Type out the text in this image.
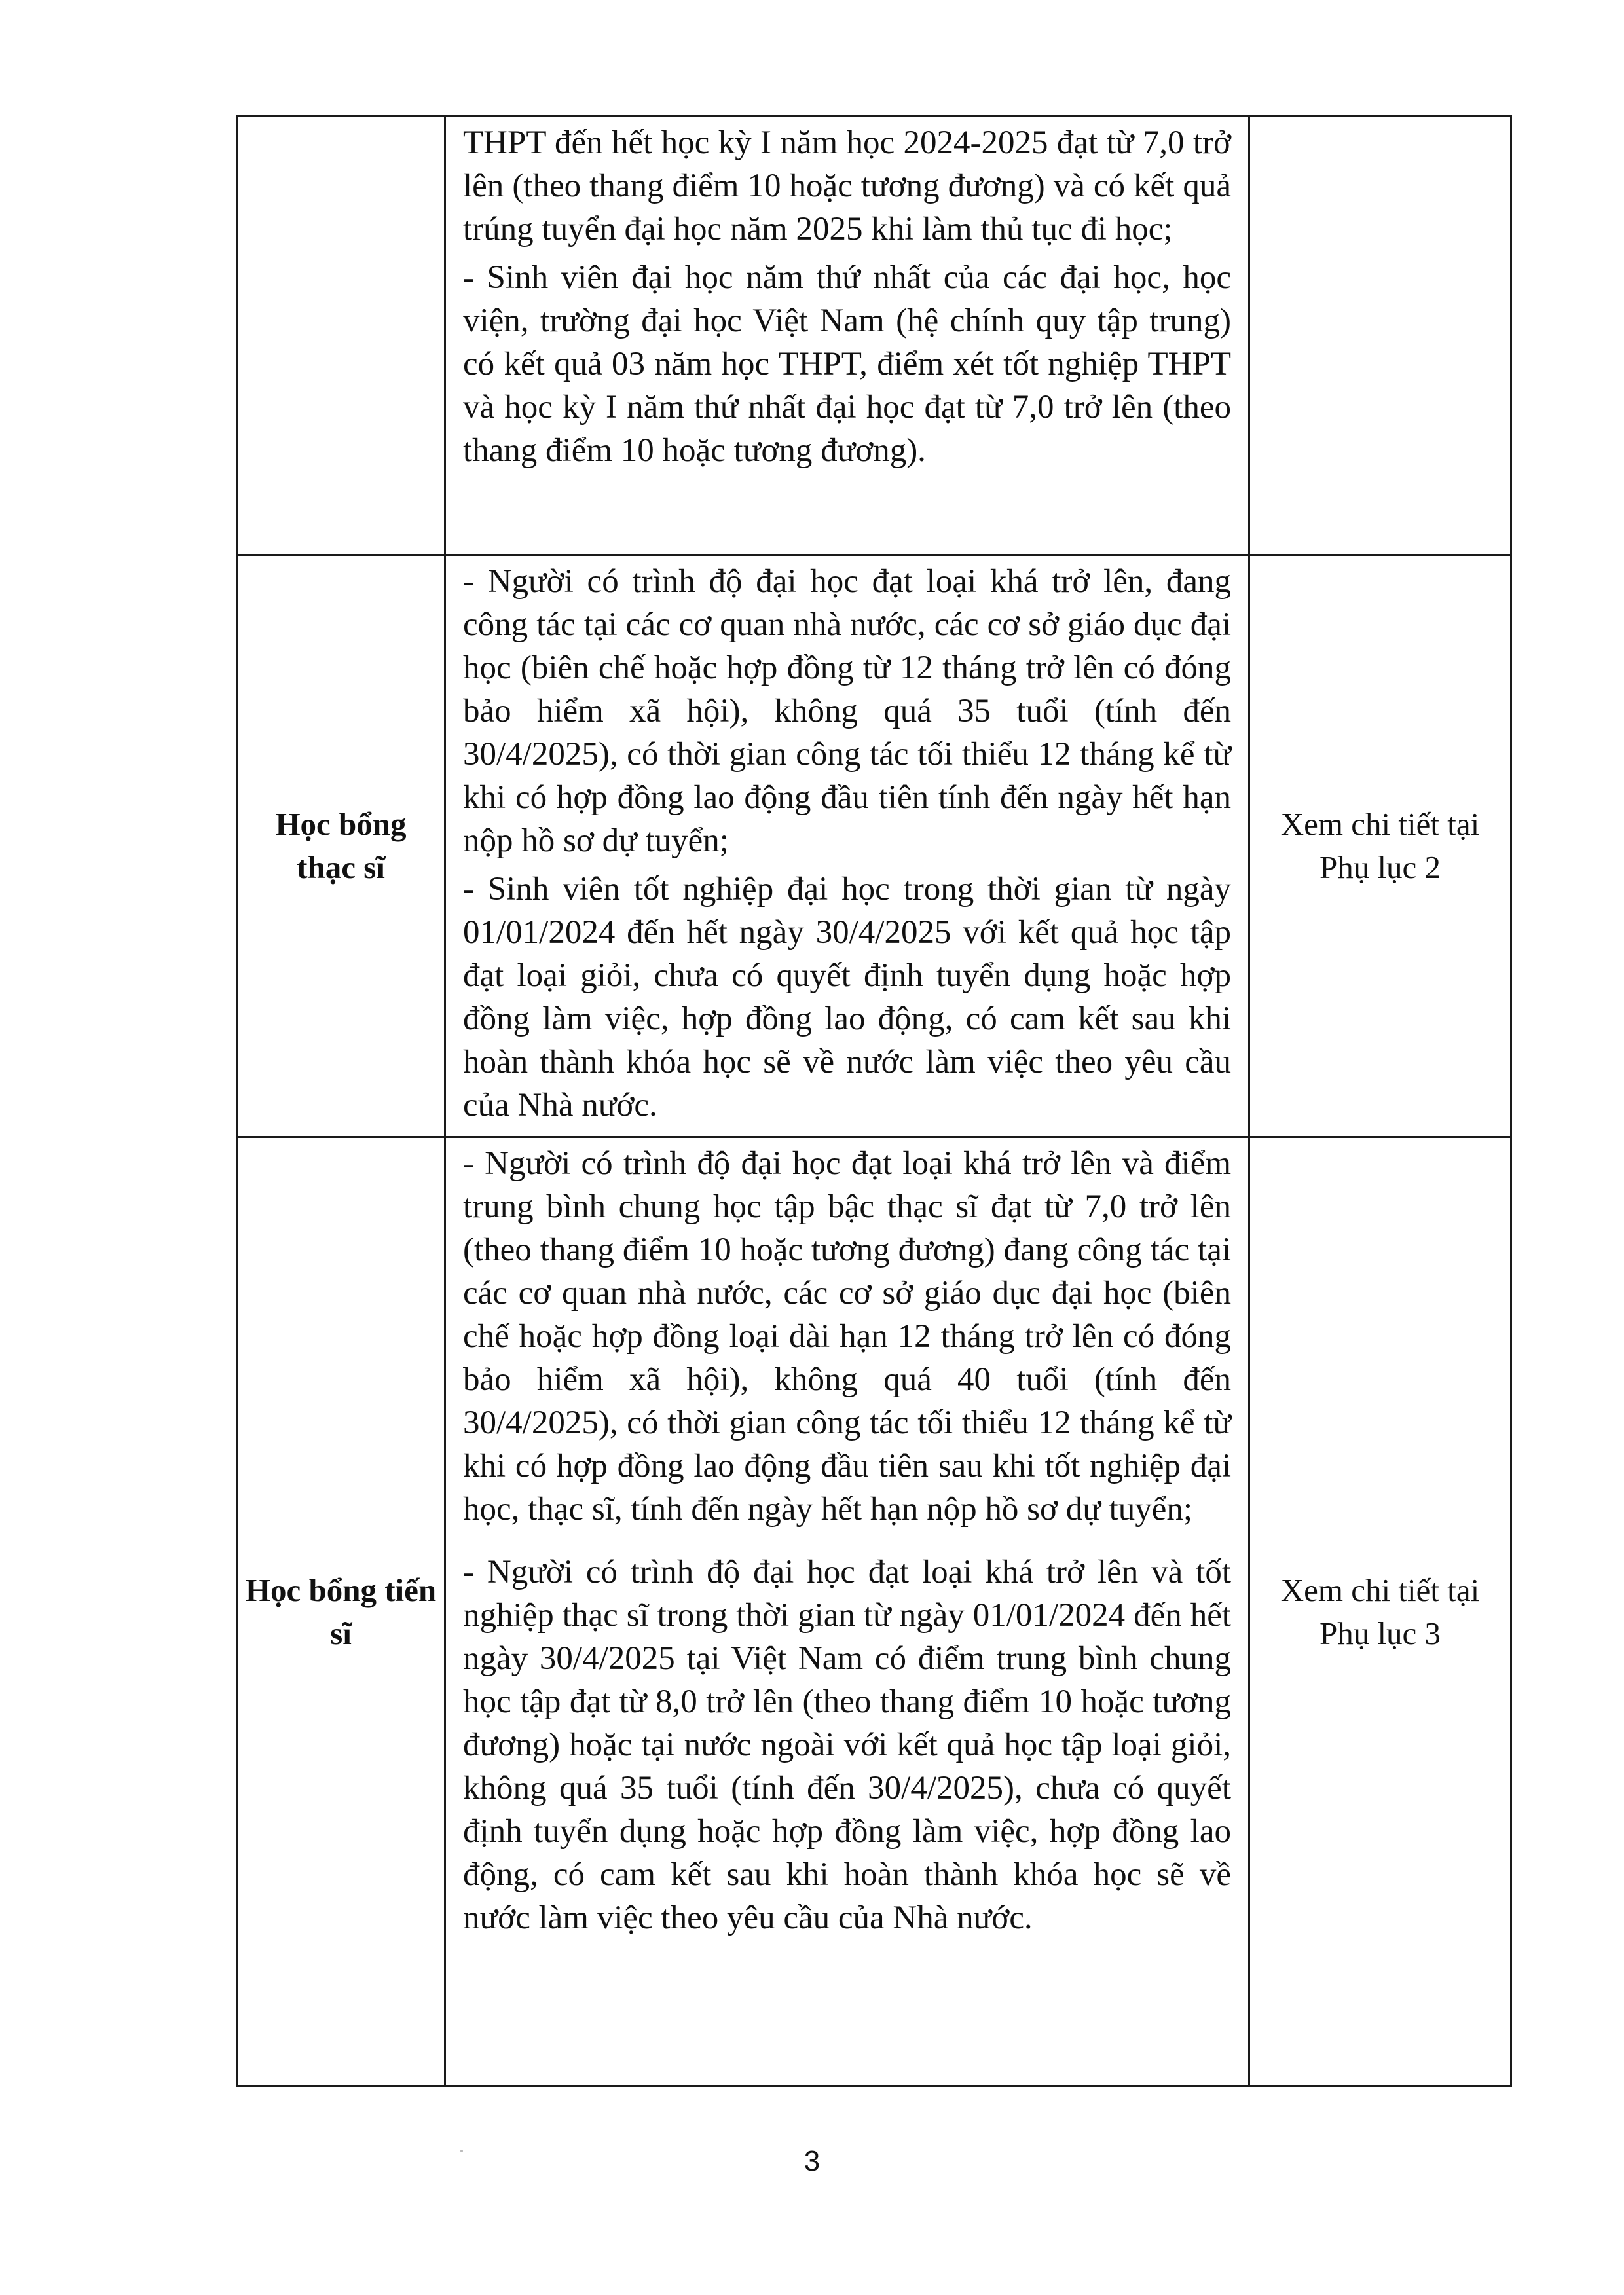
	THPT đến hết học kỳ I năm học 2024-2025 đạt từ 7,0 trở lên (theo thang điểm 10 hoặc tương đương) và có kết quả trúng tuyển đại học năm 2025 khi làm thủ tục đi học;

- Sinh viên đại học năm thứ nhất của các đại học, học viện, trường đại học Việt Nam (hệ chính quy tập trung) có kết quả 03 năm học THPT, điểm xét tốt nghiệp THPT và học kỳ I năm thứ nhất đại học đạt từ 7,0 trở lên (theo thang điểm 10 hoặc tương đương).	

Học bổng thạc sĩ	- Người có trình độ đại học đạt loại khá trở lên, đang công tác tại các cơ quan nhà nước, các cơ sở giáo dục đại học (biên chế hoặc hợp đồng từ 12 tháng trở lên có đóng bảo hiểm xã hội), không quá 35 tuổi (tính đến 30/4/2025), có thời gian công tác tối thiểu 12 tháng kể từ khi có hợp đồng lao động đầu tiên tính đến ngày hết hạn nộp hồ sơ dự tuyển;

- Sinh viên tốt nghiệp đại học trong thời gian từ ngày 01/01/2024 đến hết ngày 30/4/2025 với kết quả học tập đạt loại giỏi, chưa có quyết định tuyển dụng hoặc hợp đồng làm việc, hợp đồng lao động, có cam kết sau khi hoàn thành khóa học sẽ về nước làm việc theo yêu cầu của Nhà nước.	Xem chi tiết tại Phụ lục 2

Học bổng tiến sĩ	- Người có trình độ đại học đạt loại khá trở lên và điểm trung bình chung học tập bậc thạc sĩ đạt từ 7,0 trở lên (theo thang điểm 10 hoặc tương đương) đang công tác tại các cơ quan nhà nước, các cơ sở giáo dục đại học (biên chế hoặc hợp đồng loại dài hạn 12 tháng trở lên có đóng bảo hiểm xã hội), không quá 40 tuổi (tính đến 30/4/2025), có thời gian công tác tối thiểu 12 tháng kể từ khi có hợp đồng lao động đầu tiên sau khi tốt nghiệp đại học, thạc sĩ, tính đến ngày hết hạn nộp hồ sơ dự tuyển;

- Người có trình độ đại học đạt loại khá trở lên và tốt nghiệp thạc sĩ trong thời gian từ ngày 01/01/2024 đến hết ngày 30/4/2025 tại Việt Nam có điểm trung bình chung học tập đạt từ 8,0 trở lên (theo thang điểm 10 hoặc tương đương) hoặc tại nước ngoài với kết quả học tập loại giỏi, không quá 35 tuổi (tính đến 30/4/2025), chưa có quyết định tuyển dụng hoặc hợp đồng làm việc, hợp đồng lao động, có cam kết sau khi hoàn thành khóa học sẽ về nước làm việc theo yêu cầu của Nhà nước.	Xem chi tiết tại Phụ lục 3
3
